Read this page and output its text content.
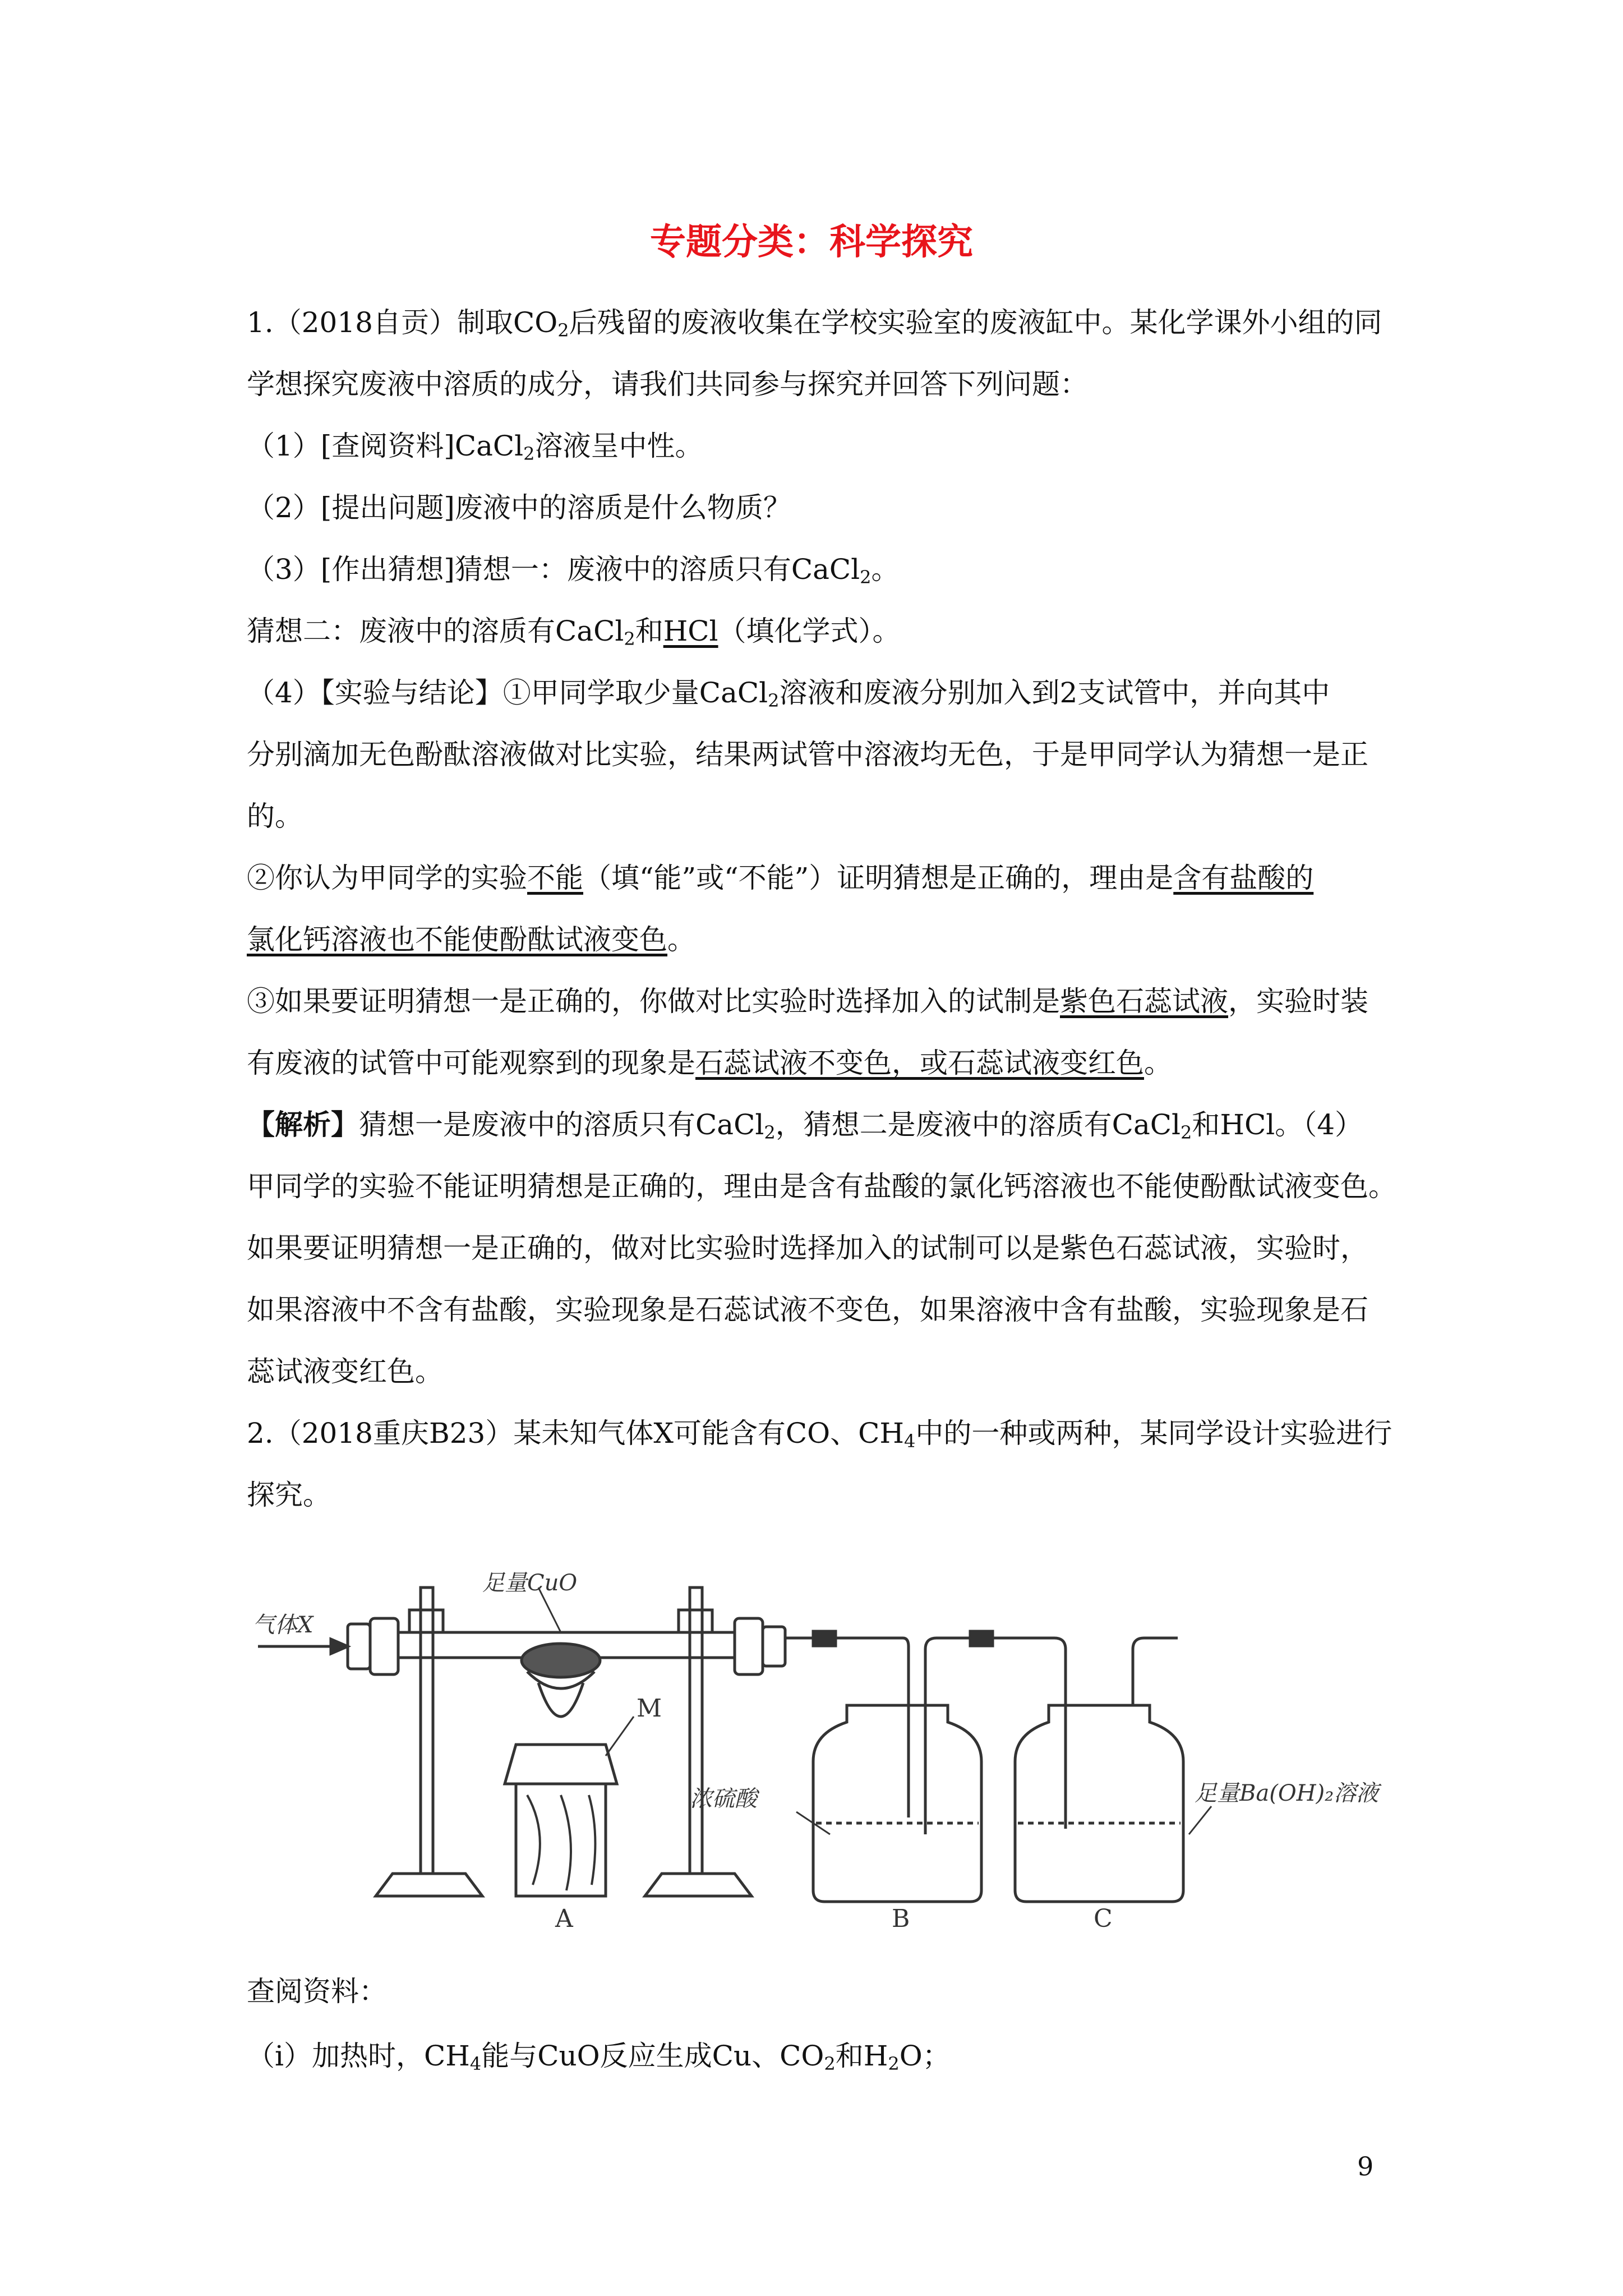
专题分类：科学探究
1.（2018自贡）制取$CO_2$后残留的废液收集在学校实验室的废液缸中。某化学课外小组的同
学想探究废液中溶质的成分，请我们共同参与探究并回答下列问题：
（1）[查阅资料]CaCl$_2$溶液呈中性。
（2）[提出问题]废液中的溶质是什么物质？
（3）[作出猜想]猜想一：废液中的溶质只有CaCl$_2$。
猜想二：废液中的溶质有CaCl$_2$和HCl（填化学式）。
（4）【实验与结论】①甲同学取少量CaCl$_2$溶液和废液分别加入到2支试管中，并向其中
分别滴加无色酚酞溶液做对比实验，结果两试管中溶液均无色，于是甲同学认为猜想一是正
的。
②你认为甲同学的实验不能（填“能”或“不能”）证明猜想是正确的，理由是含有盐酸的
氯化钙溶液也不能使酚酞试液变色。
③如果要证明猜想一是正确的，你做对比实验时选择加入的试制是紫色石蕊试液，实验时装
有废液的试管中可能观察到的现象是石蕊试液不变色，或石蕊试液变红色。
【解析】猜想一是废液中的溶质只有CaCl$_2$，猜想二是废液中的溶质有CaCl$_2$和HCl。（4）
甲同学的实验不能证明猜想是正确的，理由是含有盐酸的氯化钙溶液也不能使酚酞试液变色。
如果要证明猜想一是正确的，做对比实验时选择加入的试制可以是紫色石蕊试液，实验时，
如果溶液中不含有盐酸，实验现象是石蕊试液不变色，如果溶液中含有盐酸，实验现象是石
蕊试液变红色。
2.（2018重庆B23）某未知气体X可能含有CO、$CH_4$中的一种或两种，某同学设计实验进行
探究。
气体X
足量CuO
M
浓硫酸	足量Ba(OH)₂溶液
A	B	C
查阅资料：
（ⅰ）加热时，$CH_4$能与CuO反应生成Cu、$CO_2$和$H_2O$；
9
